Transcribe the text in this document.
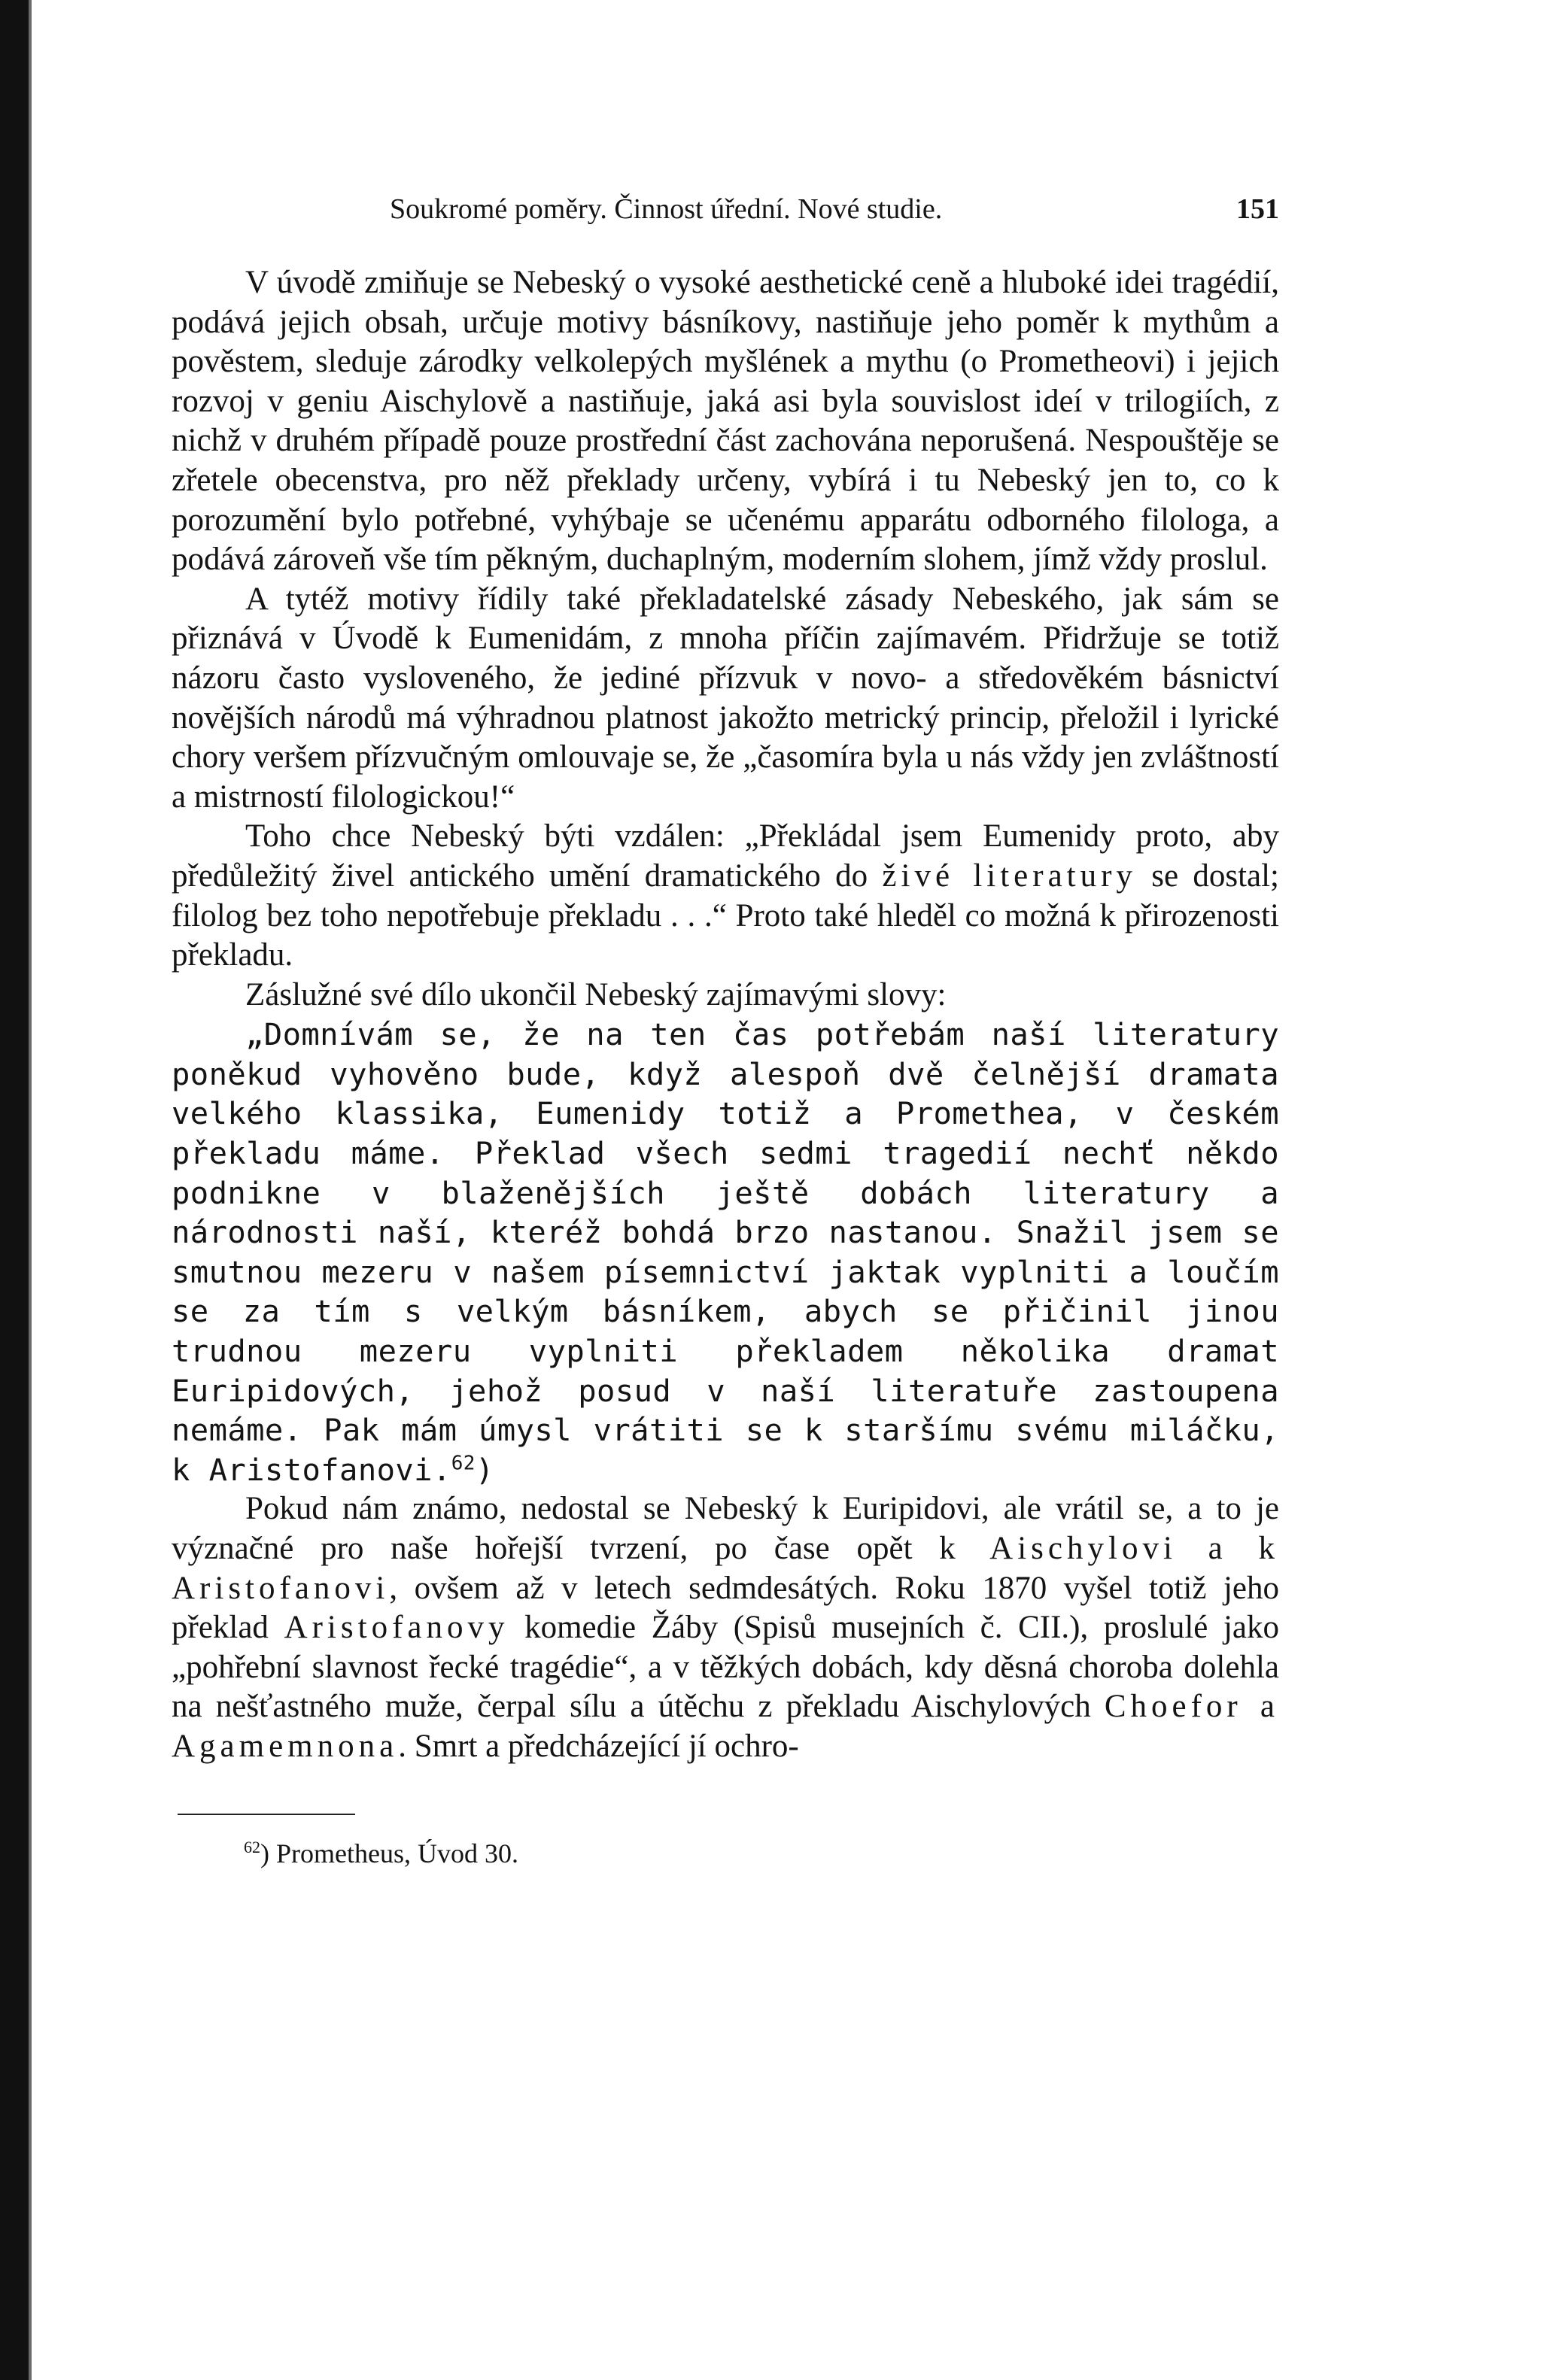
Soukromé poměry. Činnost úřední. Nové studie.	151

V úvodě zmiňuje se Nebeský o vysoké aesthetické ceně a hluboké idei tragédií, podává jejich obsah, určuje motivy básníkovy, nastiňuje jeho poměr k mythům a pověstem, sleduje zárodky velkolepých myšlének a mythu (o Prometheovi) i jejich rozvoj v geniu Aischylově a nastiňuje, jaká asi byla souvislost ideí v trilogiích, z nichž v druhém případě pouze prostřední část zachována neporušená. Nespouštěje se zřetele obecenstva, pro něž překlady určeny, vybírá i tu Nebeský jen to, co k porozumění bylo potřebné, vyhýbaje se učenému apparátu odborného filologa, a podává zároveň vše tím pěkným, duchaplným, moderním slohem, jímž vždy proslul.

A tytéž motivy řídily také překladatelské zásady Nebeského, jak sám se přiznává v Úvodě k Eumenidám, z mnoha příčin zajímavém. Přidržuje se totiž názoru často vysloveného, že jediné přízvuk v novo- a středověkém básnictví novějších národů má výhradnou platnost jakožto metrický princip, přeložil i lyrické chory veršem přízvučným omlouvaje se, že „časomíra byla u nás vždy jen zvláštností a mistrností filologickou!“

Toho chce Nebeský býti vzdálen: „Překládal jsem Eumenidy proto, aby předůležitý živel antického umění dramatického do živé literatury se dostal; filolog bez toho nepotřebuje překladu . . .“ Proto také hleděl co možná k přirozenosti překladu.

Záslužné své dílo ukončil Nebeský zajímavými slovy:

„Domnívám se, že na ten čas potřebám naší literatury poněkud vyhověno bude, když alespoň dvě čelnější dramata velkého klassika, Eumenidy totiž a Promethea, v českém překladu máme. Překlad všech sedmi tragedií nechť někdo podnikne v blaženějších ještě dobách literatury a národnosti naší, kteréž bohdá brzo nastanou. Snažil jsem se smutnou mezeru v našem písemnictví jaktak vyplniti a loučím se za tím s velkým básníkem, abych se přičinil jinou trudnou mezeru vyplniti překladem několika dramat Euripidových, jehož posud v naší literatuře zastoupena nemáme. Pak mám úmysl vrátiti se k staršímu svému miláčku, k Aristofanovi.$^{62}$)

Pokud nám známo, nedostal se Nebeský k Euripidovi, ale vrátil se, a to je význačné pro naše hořejší tvrzení, po čase opět k Aischylovi a k Aristofanovi, ovšem až v letech sedmdesátých. Roku 1870 vyšel totiž jeho překlad Aristofanovy komedie Žáby (Spisů musejních č. CII.), proslulé jako „pohřební slavnost řecké tragédie“, a v těžkých dobách, kdy děsná choroba dolehla na nešťastného muže, čerpal sílu a útěchu z překladu Aischylových Choefor a Agamemnona. Smrt a předcházející jí ochro-

$^{62}$) Prometheus, Úvod 30.
